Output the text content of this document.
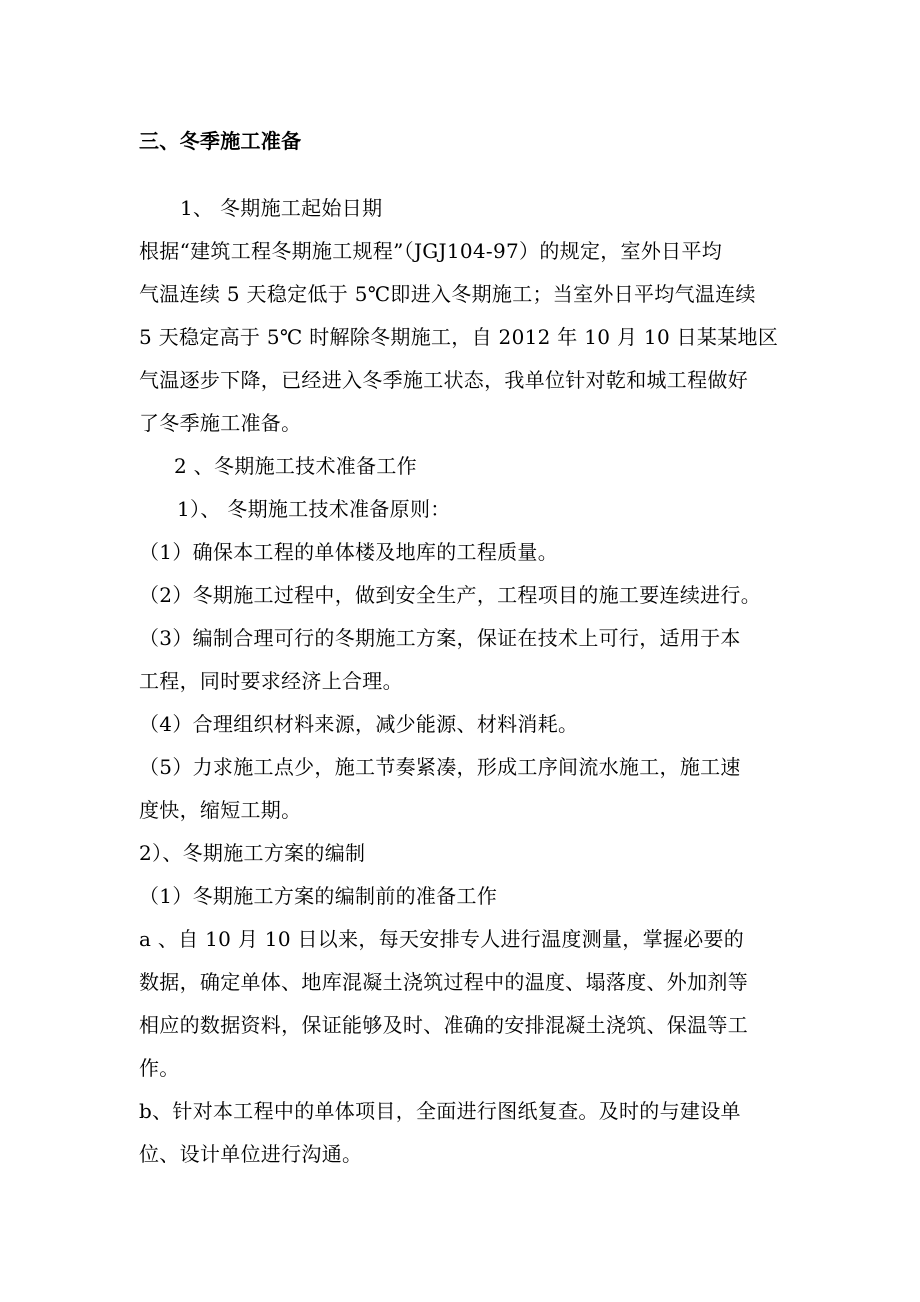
三、冬季施工准备
1、 冬期施工起始日期
根据“建筑工程冬期施工规程”（JGJ104-97）的规定，室外日平均
气温连续 5 天稳定低于 5℃即进入冬期施工；当室外日平均气温连续
5 天稳定高于 5℃ 时解除冬期施工，自 2012 年 10 月 10 日某某地区
气温逐步下降，已经进入冬季施工状态，我单位针对乾和城工程做好
了冬季施工准备。
2 、冬期施工技术准备工作
1）、 冬期施工技术准备原则：
（1）确保本工程的单体楼及地库的工程质量。
（2）冬期施工过程中，做到安全生产，工程项目的施工要连续进行。
（3）编制合理可行的冬期施工方案，保证在技术上可行，适用于本
工程，同时要求经济上合理。
（4）合理组织材料来源，减少能源、材料消耗。
（5）力求施工点少，施工节奏紧凑，形成工序间流水施工，施工速
度快，缩短工期。
2）、冬期施工方案的编制
（1）冬期施工方案的编制前的准备工作
a 、自 10 月 10 日以来，每天安排专人进行温度测量，掌握必要的
数据，确定单体、地库混凝土浇筑过程中的温度、塌落度、外加剂等
相应的数据资料，保证能够及时、准确的安排混凝土浇筑、保温等工
作。
b、针对本工程中的单体项目，全面进行图纸复查。及时的与建设单
位、设计单位进行沟通。
